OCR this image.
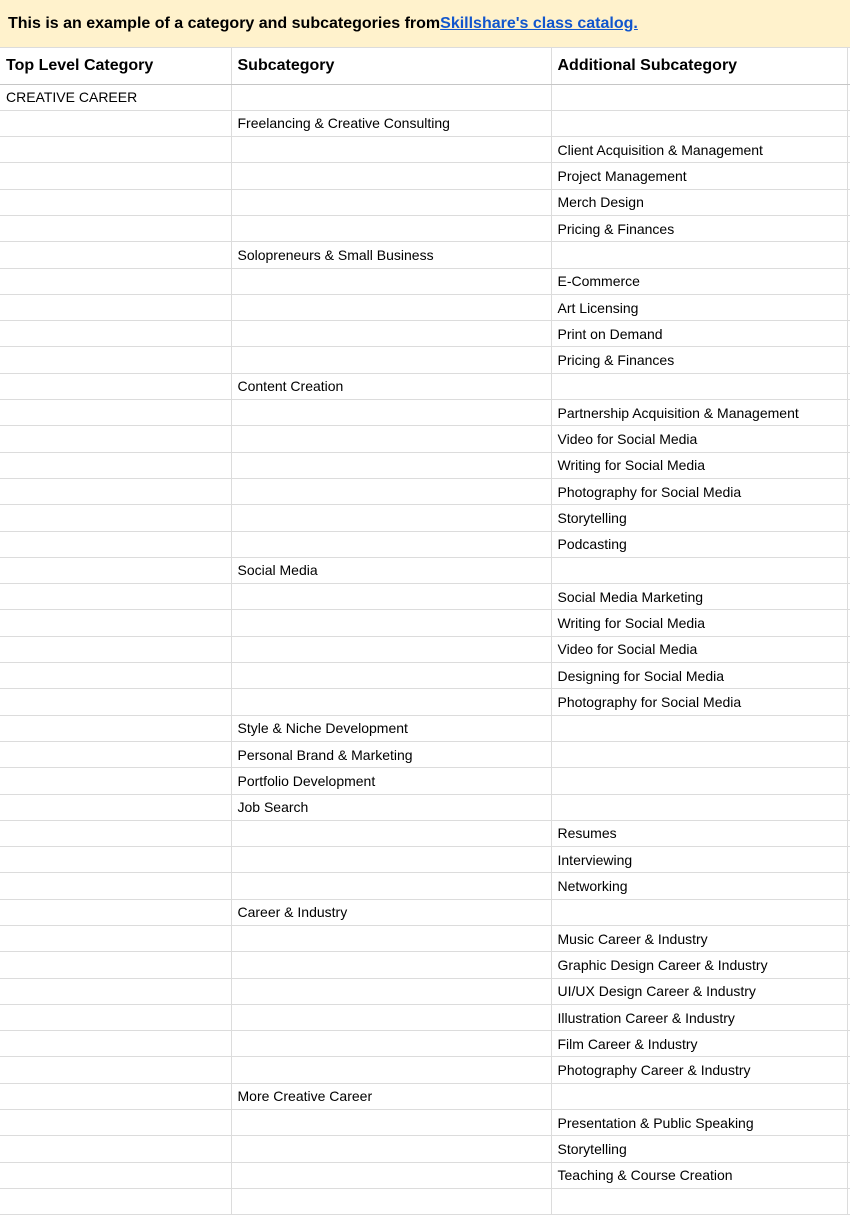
This is an example of a category and subcategories from Skillshare's class catalog.
Top Level Category	Subcategory	Additional Subcategory	
CREATIVE CAREER			
	Freelancing & Creative Consulting		
		Client Acquisition & Management	
		Project Management	
		Merch Design	
		Pricing & Finances	
	Solopreneurs & Small Business		
		E-Commerce	
		Art Licensing	
		Print on Demand	
		Pricing & Finances	
	Content Creation		
		Partnership Acquisition & Management	
		Video for Social Media	
		Writing for Social Media	
		Photography for Social Media	
		Storytelling	
		Podcasting	
	Social Media		
		Social Media Marketing	
		Writing for Social Media	
		Video for Social Media	
		Designing for Social Media	
		Photography for Social Media	
	Style & Niche Development		
	Personal Brand & Marketing		
	Portfolio Development		
	Job Search		
		Resumes	
		Interviewing	
		Networking	
	Career & Industry		
		Music Career & Industry	
		Graphic Design Career & Industry	
		UI/UX Design Career & Industry	
		Illustration Career & Industry	
		Film Career & Industry	
		Photography Career & Industry	
	More Creative Career		
		Presentation & Public Speaking	
		Storytelling	
		Teaching & Course Creation	
